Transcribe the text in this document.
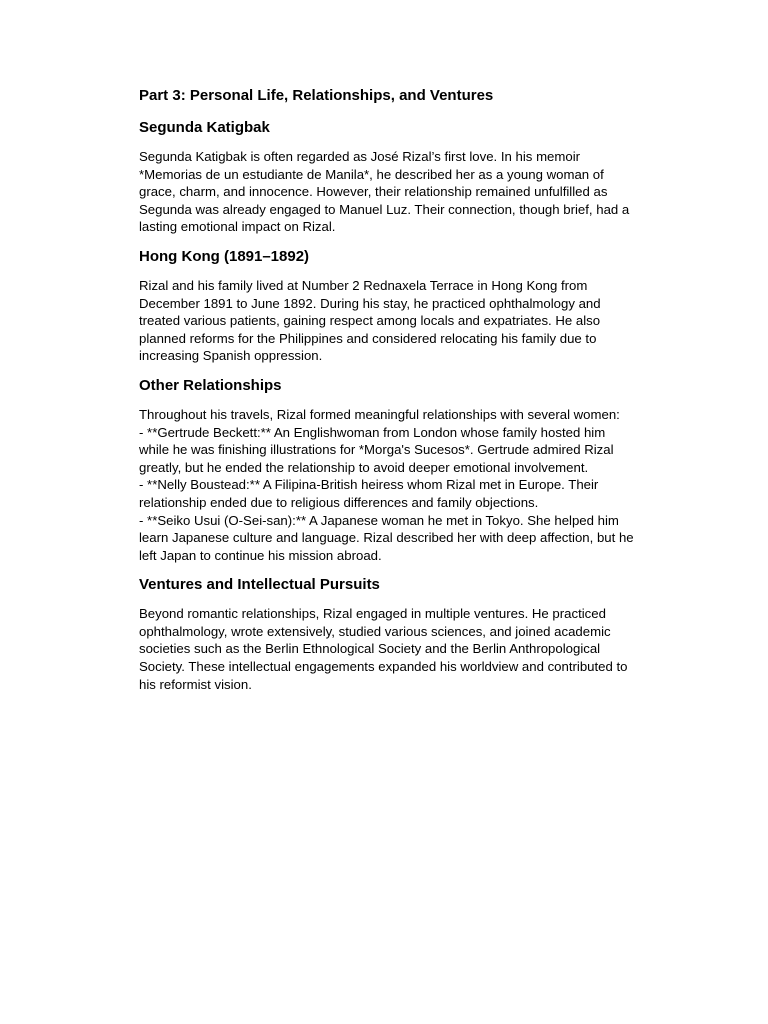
Part 3: Personal Life, Relationships, and Ventures
Segunda Katigbak

Segunda Katigbak is often regarded as José Rizal’s first love. In his memoir
*Memorias de un estudiante de Manila*, he described her as a young woman of
grace, charm, and innocence. However, their relationship remained unfulfilled as
Segunda was already engaged to Manuel Luz. Their connection, though brief, had a
lasting emotional impact on Rizal.

Hong Kong (1891–1892)

Rizal and his family lived at Number 2 Rednaxela Terrace in Hong Kong from
December 1891 to June 1892. During his stay, he practiced ophthalmology and
treated various patients, gaining respect among locals and expatriates. He also
planned reforms for the Philippines and considered relocating his family due to
increasing Spanish oppression.

Other Relationships

Throughout his travels, Rizal formed meaningful relationships with several women:
- **Gertrude Beckett:** An Englishwoman from London whose family hosted him
while he was finishing illustrations for *Morga's Sucesos*. Gertrude admired Rizal
greatly, but he ended the relationship to avoid deeper emotional involvement.
- **Nelly Boustead:** A Filipina-British heiress whom Rizal met in Europe. Their
relationship ended due to religious differences and family objections.
- **Seiko Usui (O-Sei-san):** A Japanese woman he met in Tokyo. She helped him
learn Japanese culture and language. Rizal described her with deep affection, but he
left Japan to continue his mission abroad.

Ventures and Intellectual Pursuits

Beyond romantic relationships, Rizal engaged in multiple ventures. He practiced
ophthalmology, wrote extensively, studied various sciences, and joined academic
societies such as the Berlin Ethnological Society and the Berlin Anthropological
Society. These intellectual engagements expanded his worldview and contributed to
his reformist vision.
